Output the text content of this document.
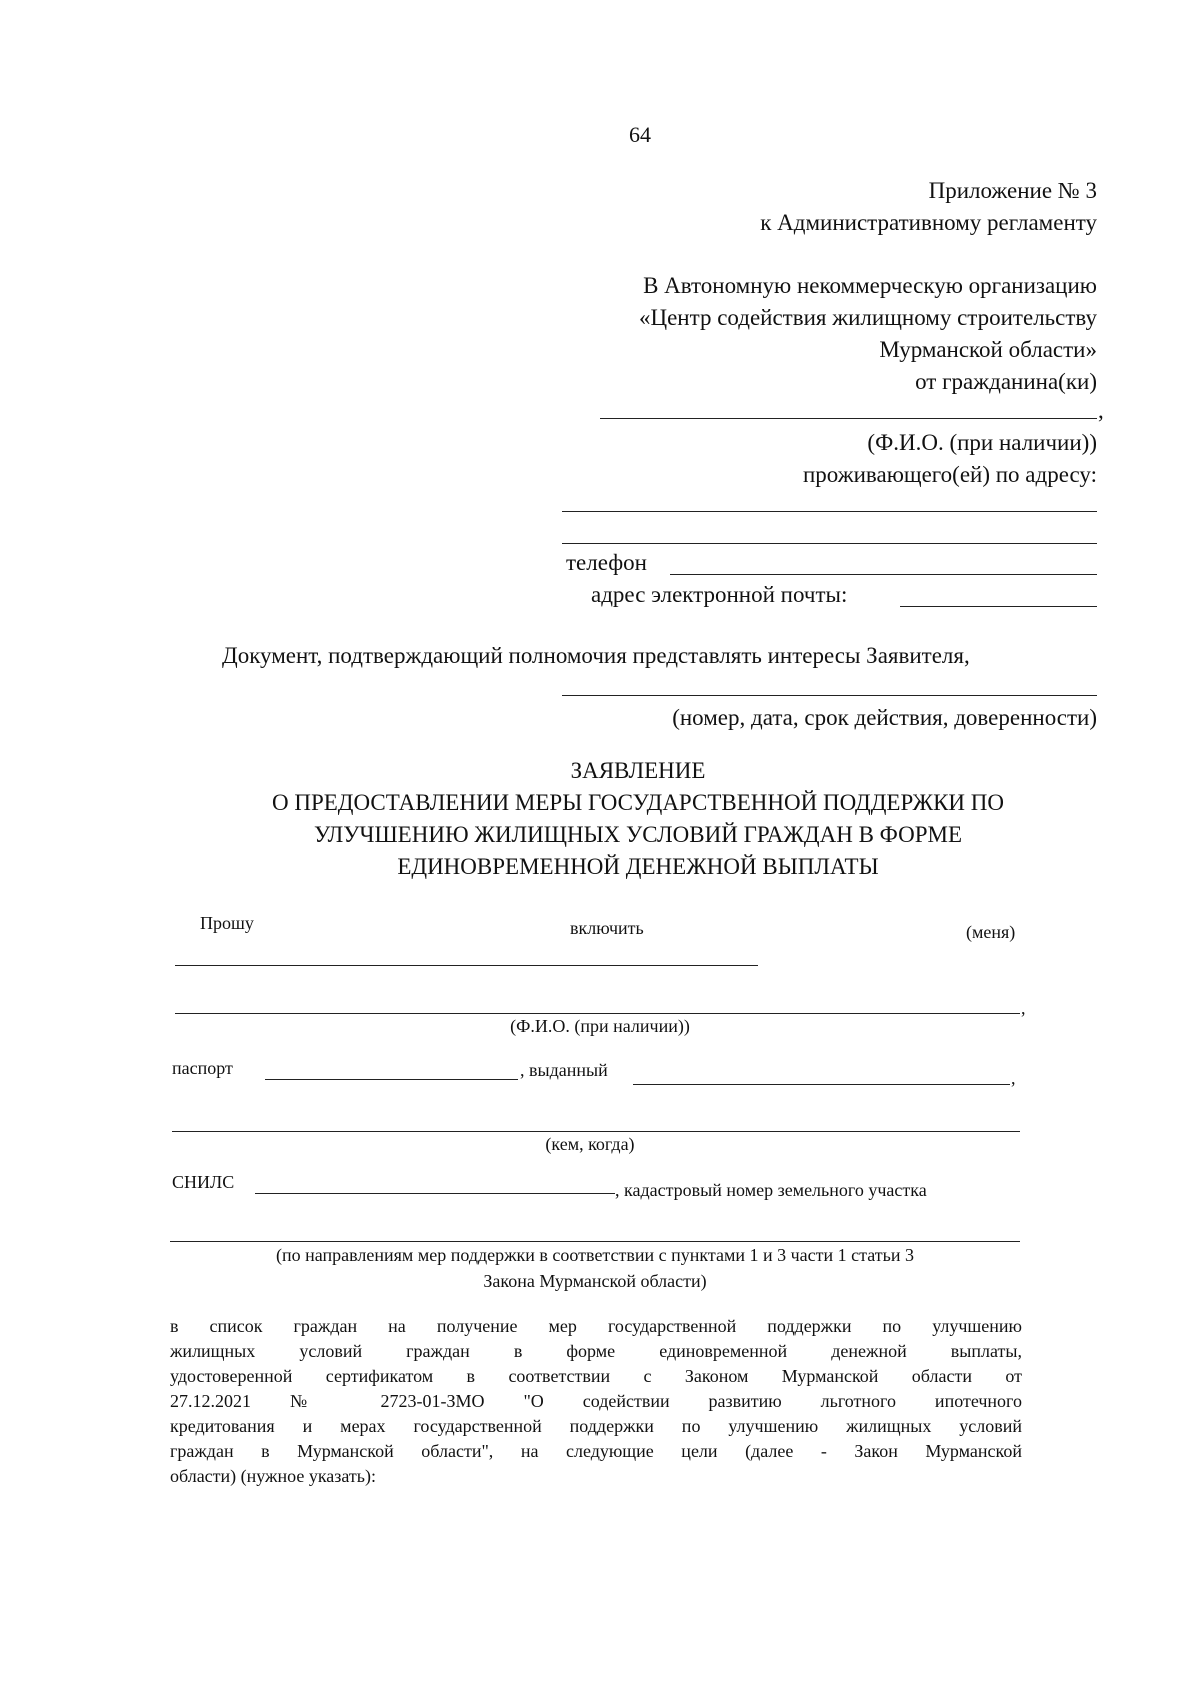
64
Приложение № 3
к Административному регламенту
В Автономную некоммерческую организацию
«Центр содействия жилищному строительству
Мурманской области»
от гражданина(ки)
,
(Ф.И.О. (при наличии))
проживающего(ей) по адресу:
телефон
адрес электронной почты:
Документ, подтверждающий полномочия представлять интересы Заявителя,
(номер, дата, срок действия, доверенности)
ЗАЯВЛЕНИЕ
О ПРЕДОСТАВЛЕНИИ МЕРЫ ГОСУДАРСТВЕННОЙ ПОДДЕРЖКИ ПО
УЛУЧШЕНИЮ ЖИЛИЩНЫХ УСЛОВИЙ ГРАЖДАН В ФОРМЕ
ЕДИНОВРЕМЕННОЙ ДЕНЕЖНОЙ ВЫПЛАТЫ
Прошу	включить	(меня)
,
(Ф.И.О. (при наличии))
паспорт	, выданный	,
(кем, когда)
СНИЛС	, кадастровый номер земельного участка
(по направлениям мер поддержки в соответствии с пунктами 1 и 3 части 1 статьи 3
Закона Мурманской области)
в список граждан на получение мер государственной поддержки по улучшению
жилищных условий граждан в форме единовременной денежной выплаты,
удостоверенной сертификатом в соответствии с Законом Мурманской области от
27.12.2021 № 2723-01-ЗМО "О содействии развитию льготного ипотечного
кредитования и мерах государственной поддержки по улучшению жилищных условий
граждан в Мурманской области", на следующие цели (далее - Закон Мурманской
области) (нужное указать):
